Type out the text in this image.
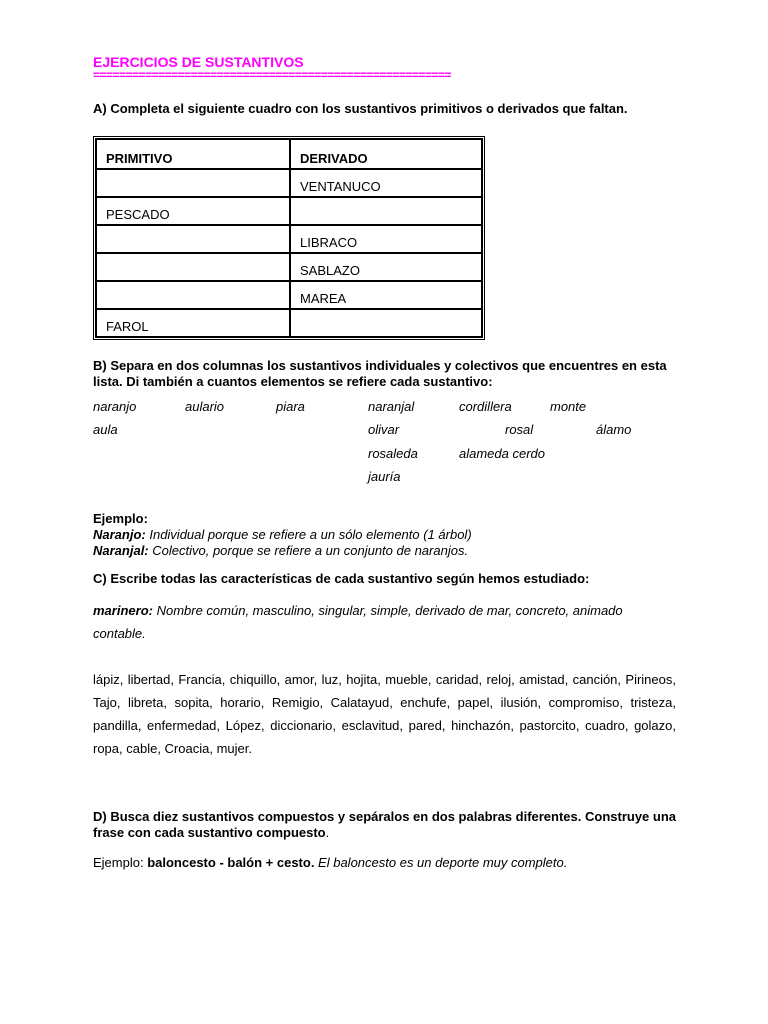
EJERCICIOS DE SUSTANTIVOS
=======================================================
A) Completa el siguiente cuadro con los sustantivos primitivos o derivados que faltan.
PRIMITIVO	DERIVADO
	VENTANUCO
PESCADO	
	LIBRACO
	SABLAZO
	MAREA
FAROL	
B) Separa en dos columnas los sustantivos individuales y colectivos que encuentres en esta lista. Di también a cuantos elementos se refiere cada sustantivo:
naranjo	aulario	piara	naranjal	cordillera	monte
aula	olivar	rosal	álamo
rosaleda	alameda cerdo
jauría
Ejemplo:
Naranjo: Individual porque se refiere a un sólo elemento (1 árbol)
Naranjal: Colectivo, porque se refiere a un conjunto de naranjos.
C) Escribe todas las características de cada sustantivo según hemos estudiado:
marinero: Nombre común, masculino, singular, simple, derivado de mar, concreto, animado contable.
lápiz, libertad, Francia, chiquillo, amor, luz, hojita, mueble, caridad, reloj, amistad, canción, Pirineos, Tajo, libreta, sopita, horario, Remigio, Calatayud, enchufe, papel, ilusión, compromiso, tristeza, pandilla, enfermedad, López, diccionario, esclavitud, pared, hinchazón, pastorcito, cuadro, golazo, ropa, cable, Croacia, mujer.
D) Busca diez sustantivos compuestos y sepáralos en dos palabras diferentes. Construye una frase con cada sustantivo compuesto.
Ejemplo: baloncesto - balón + cesto. El baloncesto es un deporte muy completo.
